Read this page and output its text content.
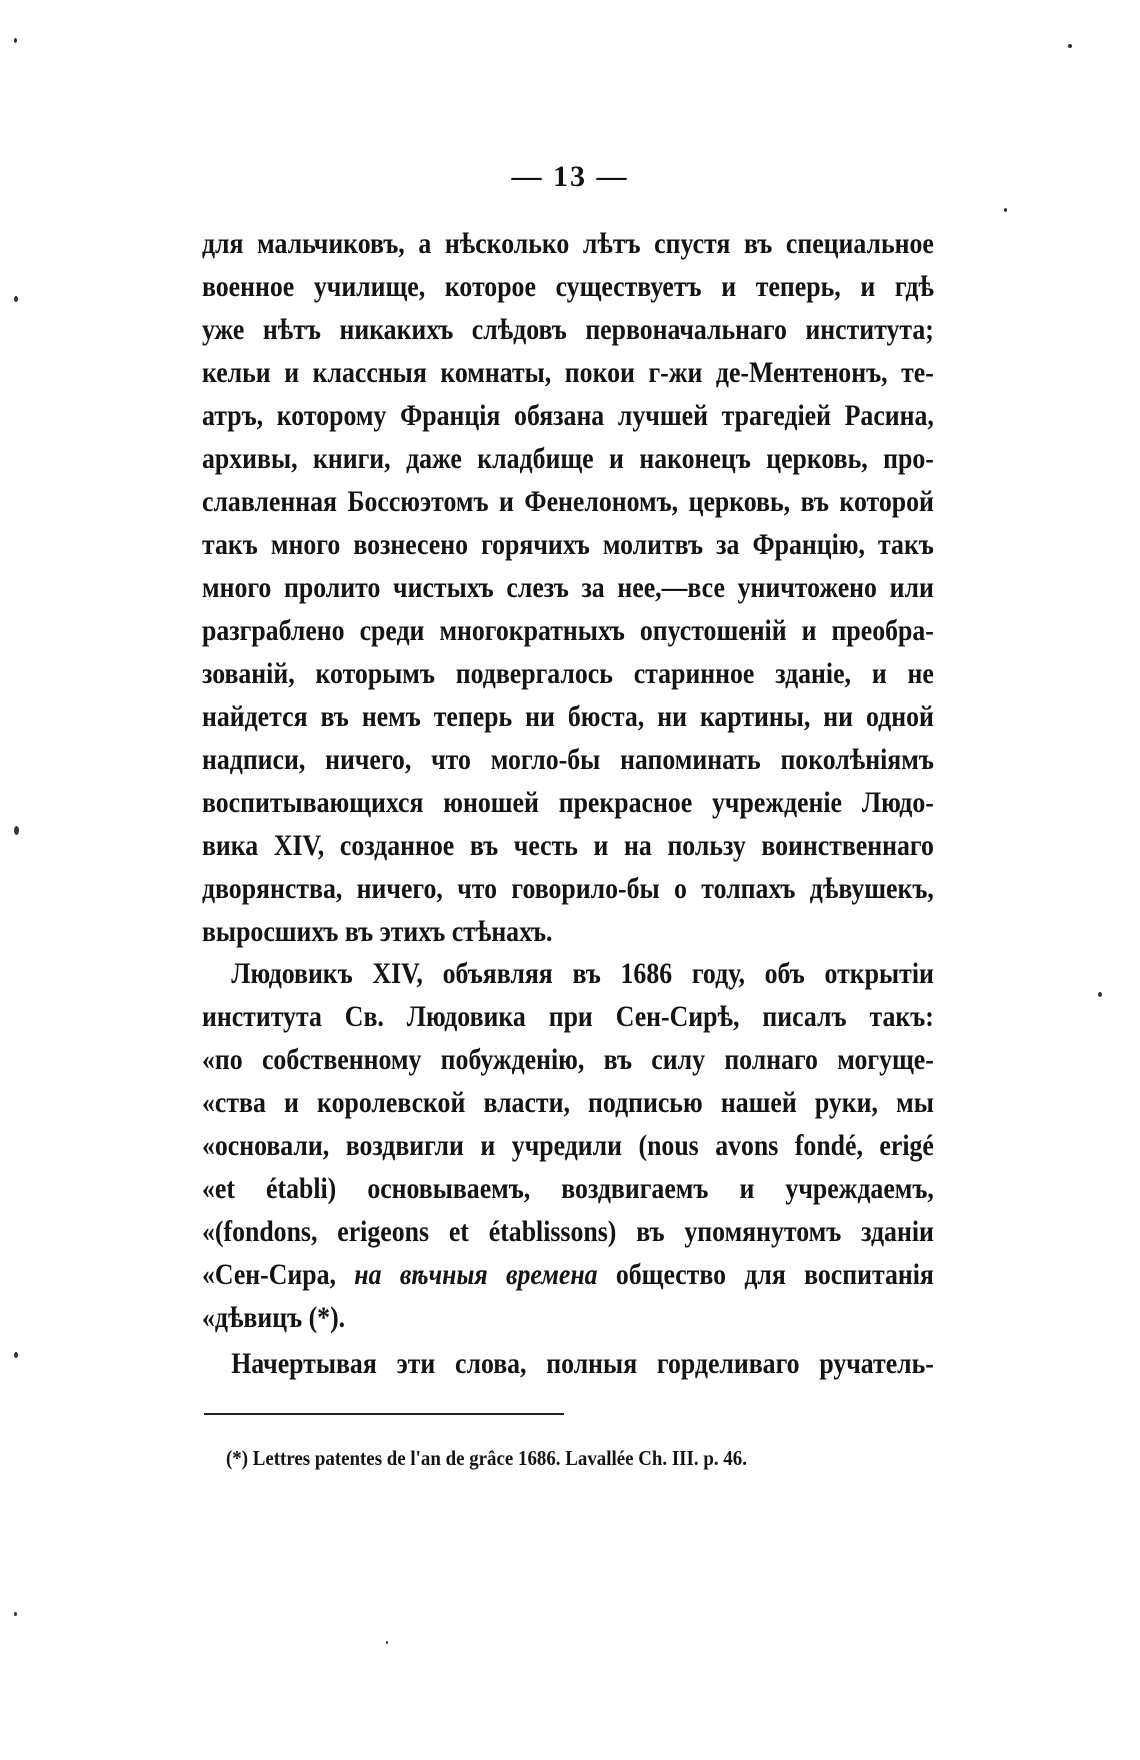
— 13 —
для мальчиковъ, а нѣсколько лѣтъ спустя въ специальное
военное училище, которое существуетъ и теперь, и гдѣ
уже нѣтъ никакихъ слѣдовъ первоначальнаго института;
кельи и классныя комнаты, покои г-жи де-Ментенонъ, те-
атръ, которому Франція обязана лучшей трагедіей Расина,
архивы, книги, даже кладбище и наконецъ церковь, про-
славленная Боссюэтомъ и Фенелономъ, церковь, въ которой
такъ много вознесено горячихъ молитвъ за Францію, такъ
много пролито чистыхъ слезъ за нее,—все уничтожено или
разграблено среди многократныхъ опустошеній и преобра-
зованій, которымъ подвергалось старинное зданіе, и не
найдется въ немъ теперь ни бюста, ни картины, ни одной
надписи, ничего, что могло-бы напоминать поколѣніямъ
воспитывающихся юношей прекрасное учрежденіе Людо-
вика XIV, созданное въ честь и на пользу воинственнаго
дворянства, ничего, что говорило-бы о толпахъ дѣвушекъ,
выросшихъ въ этихъ стѣнахъ.
Людовикъ XIV, объявляя въ 1686 году, объ открытіи
института Св. Людовика при Сен-Сирѣ, писалъ такъ:
«по собственному побужденію, въ силу полнаго могуще-
«ства и королевской власти, подписью нашей руки, мы
«основали, воздвигли и учредили (nous avons fondé, erigé
«et établi) основываемъ, воздвигаемъ и учреждаемъ,
«(fondons, erigeons et établissons) въ упомянутомъ зданіи
«Сен-Сира, на вѣчныя времена общество для воспитанія
«дѣвицъ (*).
Начертывая эти слова, полныя горделиваго ручатель-
(*) Lettres patentes de l'an de grâce 1686. Lavallée Ch. III. p. 46.
